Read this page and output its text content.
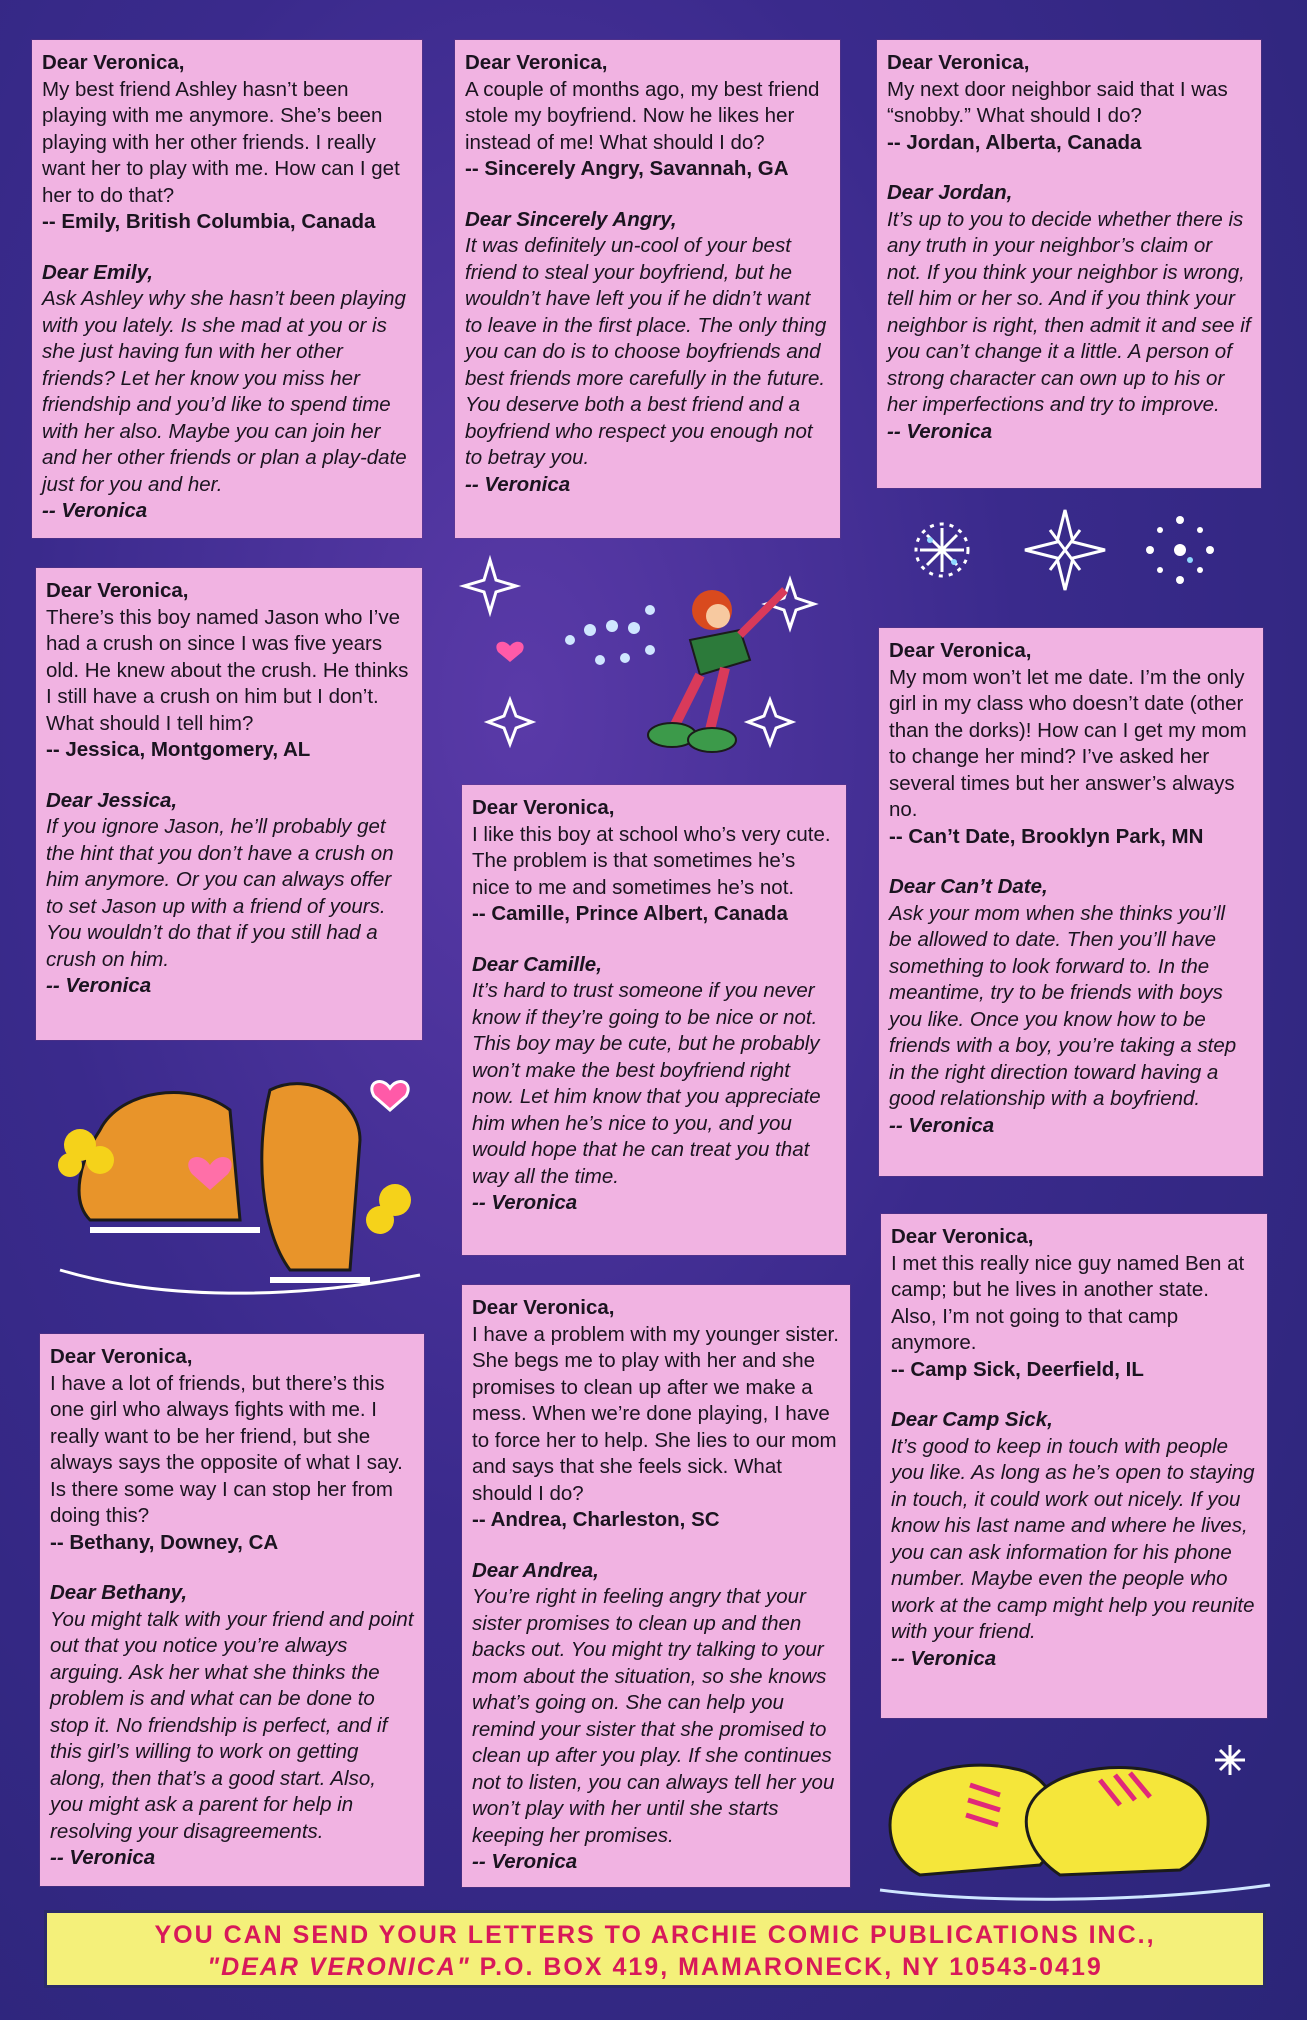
Dear Veronica,

My best friend Ashley hasn’t been playing with me anymore. She’s been playing with her other friends. I really want her to play with me. How can I get her to do that?

-- Emily, British Columbia, Canada

Dear Emily,

Ask Ashley why she hasn’t been playing with you lately. Is she mad at you or is she just having fun with her other friends? Let her know you miss her friendship and you’d like to spend time with her also. Maybe you can join her and her other friends or plan a play-date just for you and her.

-- Veronica

Dear Veronica,

There’s this boy named Jason who I’ve had a crush on since I was five years old. He knew about the crush. He thinks I still have a crush on him but I don’t. What should I tell him?

-- Jessica, Montgomery, AL

Dear Jessica,

If you ignore Jason, he’ll probably get the hint that you don’t have a crush on him anymore. Or you can always offer to set Jason up with a friend of yours. You wouldn’t do that if you still had a crush on him.

-- Veronica

Dear Veronica,

I have a lot of friends, but there’s this one girl who always fights with me. I really want to be her friend, but she always says the opposite of what I say. Is there some way I can stop her from doing this?

-- Bethany, Downey, CA

Dear Bethany,

You might talk with your friend and point out that you notice you’re always arguing. Ask her what she thinks the problem is and what can be done to stop it. No friendship is perfect, and if this girl’s willing to work on getting along, then that’s a good start. Also, you might ask a parent for help in resolving your disagreements.

-- Veronica

Dear Veronica,

A couple of months ago, my best friend stole my boyfriend. Now he likes her instead of me! What should I do?

-- Sincerely Angry, Savannah, GA

Dear Sincerely Angry,

It was definitely un-cool of your best friend to steal your boyfriend, but he wouldn’t have left you if he didn’t want to leave in the first place. The only thing you can do is to choose boyfriends and best friends more carefully in the future. You deserve both a best friend and a boyfriend who respect you enough not to betray you.

-- Veronica

Dear Veronica,

I like this boy at school who’s very cute. The problem is that sometimes he’s nice to me and sometimes he’s not.

-- Camille, Prince Albert, Canada

Dear Camille,

It’s hard to trust someone if you never know if they’re going to be nice or not. This boy may be cute, but he probably won’t make the best boyfriend right now. Let him know that you appreciate him when he’s nice to you, and you would hope that he can treat you that way all the time.

-- Veronica

Dear Veronica,

I have a problem with my younger sister. She begs me to play with her and she promises to clean up after we make a mess. When we’re done playing, I have to force her to help. She lies to our mom and says that she feels sick. What should I do?

-- Andrea, Charleston, SC

Dear Andrea,

You’re right in feeling angry that your sister promises to clean up and then backs out. You might try talking to your mom about the situation, so she knows what’s going on. She can help you remind your sister that she promised to clean up after you play. If she continues not to listen, you can always tell her you won’t play with her until she starts keeping her promises.

-- Veronica

Dear Veronica,

My next door neighbor said that I was “snobby.” What should I do?

-- Jordan, Alberta, Canada

Dear Jordan,

It’s up to you to decide whether there is any truth in your neighbor’s claim or not. If you think your neighbor is wrong, tell him or her so. And if you think your neighbor is right, then admit it and see if you can’t change it a little. A person of strong character can own up to his or her imperfections and try to improve.

-- Veronica

Dear Veronica,

My mom won’t let me date. I’m the only girl in my class who doesn’t date (other than the dorks)! How can I get my mom to change her mind? I’ve asked her several times but her answer’s always no.

-- Can’t Date, Brooklyn Park, MN

Dear Can’t Date,

Ask your mom when she thinks you’ll be allowed to date. Then you’ll have something to look forward to. In the meantime, try to be friends with boys you like. Once you know how to be friends with a boy, you’re taking a step in the right direction toward having a good relationship with a boyfriend.

-- Veronica

Dear Veronica,

I met this really nice guy named Ben at camp; but he lives in another state. Also, I’m not going to that camp anymore.

-- Camp Sick, Deerfield, IL

Dear Camp Sick,

It’s good to keep in touch with people you like. As long as he’s open to staying in touch, it could work out nicely. If you know his last name and where he lives, you can ask information for his phone number. Maybe even the people who work at the camp might help you reunite with your friend.

-- Veronica

YOU CAN SEND YOUR LETTERS TO ARCHIE COMIC PUBLICATIONS INC.,
"DEAR VERONICA" P.O. BOX 419, MAMARONECK, NY 10543-0419
